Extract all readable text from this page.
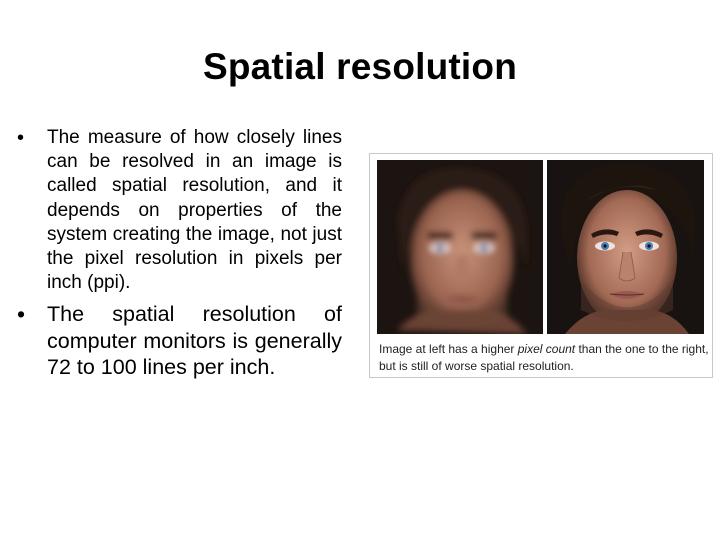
Spatial resolution
• The measure of how closely lines can be resolved in an image is called spatial resolution, and it depends on properties of the system creating the image, not just the pixel resolution in pixels per inch (ppi).
• The spatial resolution of computer monitors is generally 72 to 100 lines per inch.
Image at left has a higher pixel count than the one to the right, but is still of worse spatial resolution.
